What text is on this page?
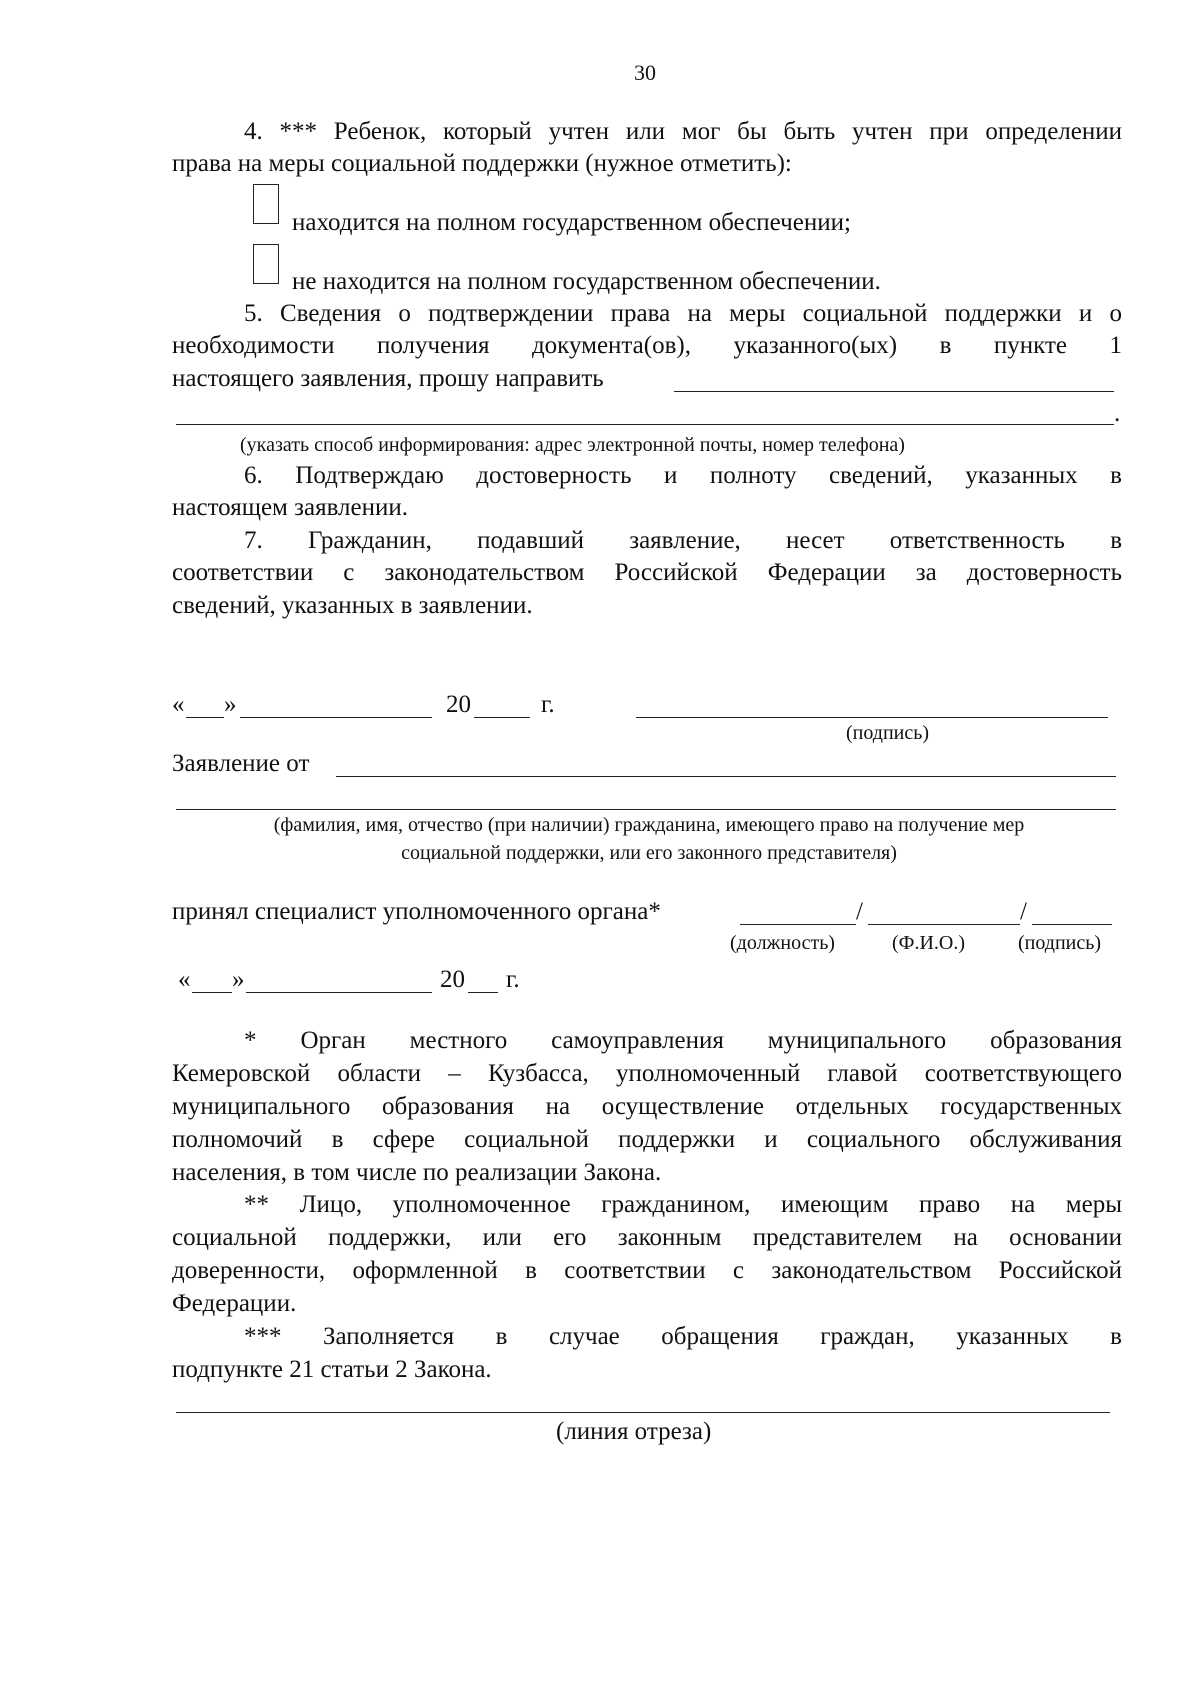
30
4. *** Ребенок, который учтен или мог бы быть учтен при определении
права на меры социальной поддержки (нужное отметить):
находится на полном государственном обеспечении;
не находится на полном государственном обеспечении.
5. Сведения о подтверждении права на меры социальной поддержки и о
необходимости получения документа(ов), указанного(ых) в пункте 1
настоящего заявления, прошу направить
.
(указать способ информирования: адрес электронной почты, номер телефона)
6. Подтверждаю достоверность и полноту сведений, указанных в
настоящем заявлении.
7. Гражданин, подавший заявление, несет ответственность в
соответствии с законодательством Российской Федерации за достоверность
сведений, указанных в заявлении.
« »	20	г.
(подпись)
Заявление от
(фамилия, имя, отчество (при наличии) гражданина, имеющего право на получение мер
социальной поддержки, или его законного представителя)
принял специалист уполномоченного органа*	/	/
(должность)	(Ф.И.О.)	(подпись)
« »	20 г.
* Орган местного самоуправления муниципального образования
Кемеровской области – Кузбасса, уполномоченный главой соответствующего
муниципального образования на осуществление отдельных государственных
полномочий в сфере социальной поддержки и социального обслуживания
населения, в том числе по реализации Закона.
** Лицо, уполномоченное гражданином, имеющим право на меры
социальной поддержки, или его законным представителем на основании
доверенности, оформленной в соответствии с законодательством Российской
Федерации.
*** Заполняется в случае обращения граждан, указанных в
подпункте 21 статьи 2 Закона.
(линия отреза)
